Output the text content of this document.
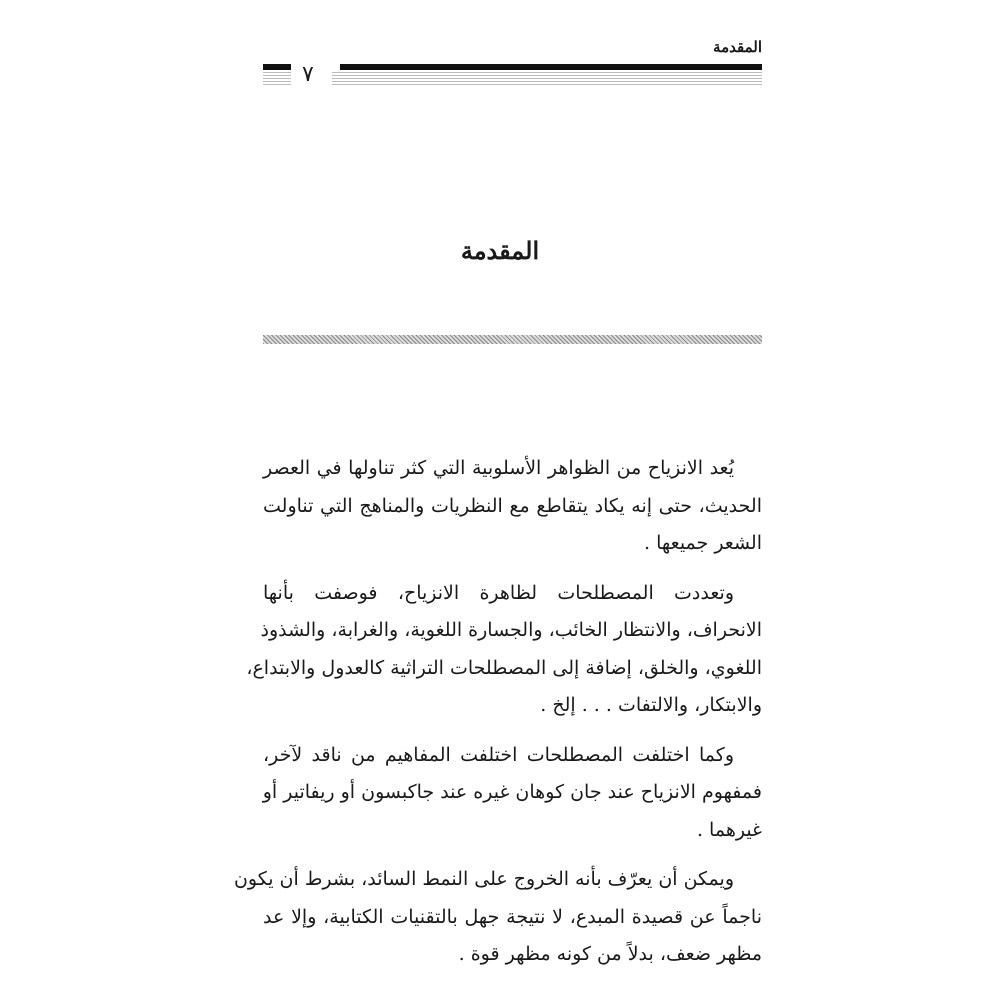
المقدمة
٧
المقدمة
يُعد الانزياح من الظواهر الأسلوبية التي كثر تناولها في العصر
الحديث، حتى إنه يكاد يتقاطع مع النظريات والمناهج التي تناولت
الشعر جميعها .
وتعددت المصطلحات لظاهرة الانزياح، فوصفت بأنها
الانحراف، والانتظار الخائب، والجسارة اللغوية، والغرابة، والشذوذ
اللغوي، والخلق، إضافة إلى المصطلحات التراثية كالعدول والابتداع،
والابتكار، والالتفات . . . إلخ .
وكما اختلفت المصطلحات اختلفت المفاهيم من ناقد لآخر،
فمفهوم الانزياح عند جان كوهان غيره عند جاكبسون أو ريفاتير أو
غيرهما .
ويمكن أن يعرّف بأنه الخروج على النمط السائد، بشرط أن يكون
ناجماً عن قصيدة المبدع، لا نتيجة جهل بالتقنيات الكتابية، وإلا عد
مظهر ضعف، بدلاً من كونه مظهر قوة .
